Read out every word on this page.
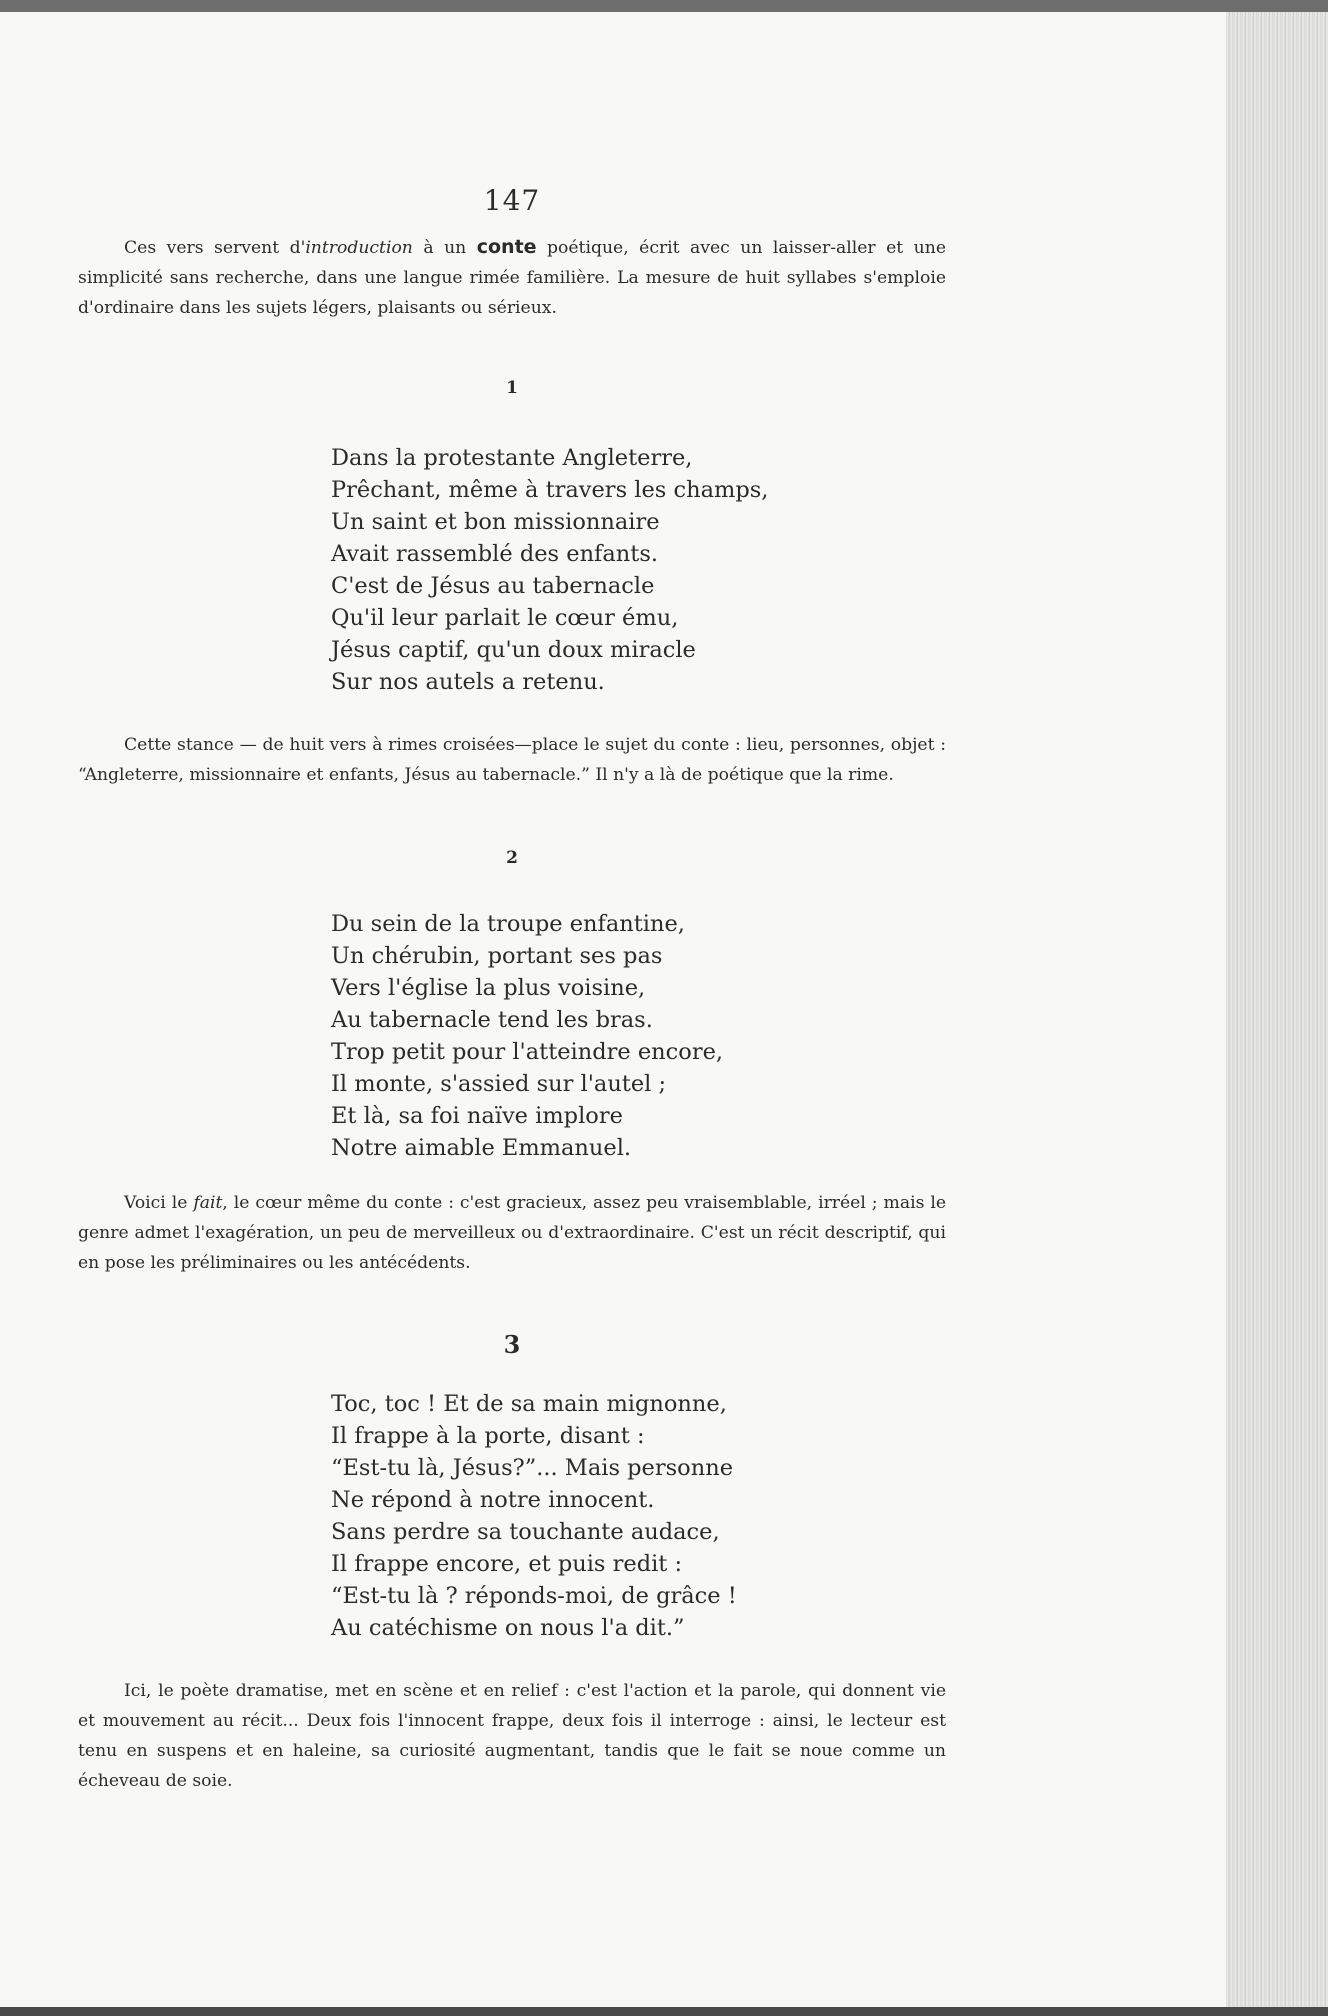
147

Ces vers servent d'introduction à un conte poétique, écrit avec un laisser-aller et une simplicité sans recherche, dans une langue rimée familière. La mesure de huit syllabes s'emploie d'ordinaire dans les sujets légers, plaisants ou sérieux.

1
Dans la protestante Angleterre,
Prêchant, même à travers les champs,
Un saint et bon missionnaire
Avait rassemblé des enfants.
C'est de Jésus au tabernacle
Qu'il leur parlait le cœur ému,
Jésus captif, qu'un doux miracle
Sur nos autels a retenu.

Cette stance — de huit vers à rimes croisées—place le sujet du conte : lieu, personnes, objet : “Angleterre, missionnaire et enfants, Jésus au tabernacle.” Il n'y a là de poétique que la rime.

2
Du sein de la troupe enfantine,
Un chérubin, portant ses pas
Vers l'église la plus voisine,
Au tabernacle tend les bras.
Trop petit pour l'atteindre encore,
Il monte, s'assied sur l'autel ;
Et là, sa foi naïve implore
Notre aimable Emmanuel.

Voici le fait, le cœur même du conte : c'est gracieux, assez peu vraisemblable, irréel ; mais le genre admet l'exagération, un peu de merveilleux ou d'extraordinaire. C'est un récit descriptif, qui en pose les préliminaires ou les antécédents.

3
Toc, toc ! Et de sa main mignonne,
Il frappe à la porte, disant :
“Est-tu là, Jésus?”... Mais personne
Ne répond à notre innocent.
Sans perdre sa touchante audace,
Il frappe encore, et puis redit :
“Est-tu là ? réponds-moi, de grâce !
Au catéchisme on nous l'a dit.”

Ici, le poète dramatise, met en scène et en relief : c'est l'action et la parole, qui donnent vie et mouvement au récit... Deux fois l'innocent frappe, deux fois il interroge : ainsi, le lecteur est tenu en suspens et en haleine, sa curiosité augmentant, tandis que le fait se noue comme un écheveau de soie.
